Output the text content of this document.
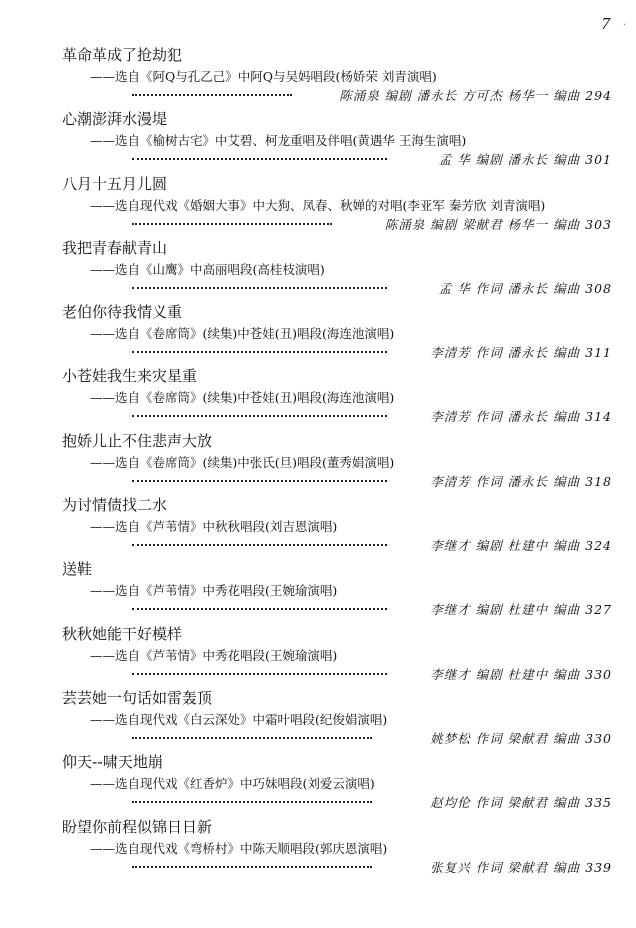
7 ·
革命革成了抢劫犯
——选自《阿Q与孔乙己》中阿Q与吴妈唱段(杨娇荣 刘青演唱)
陈涌泉 编剧 潘永长 方可杰 杨华一 编曲 294
心潮澎湃水漫堤
——选自《榆树古宅》中艾碧、柯龙重唱及伴唱(黄遇华 王海生演唱)
孟 华 编剧 潘永长 编曲 301
八月十五月儿圆
——选自现代戏《婚姻大事》中大狗、凤春、秋婵的对唱(李亚军 秦芳欣 刘青演唱)
陈涌泉 编剧 梁献君 杨华一 编曲 303
我把青春献青山
——选自《山鹰》中高丽唱段(高桂枝演唱)
孟 华 作词 潘永长 编曲 308
老伯你待我情义重
——选自《卷席筒》(续集)中苍娃(丑)唱段(海连池演唱)
李清芳 作词 潘永长 编曲 311
小苍娃我生来灾星重
——选自《卷席筒》(续集)中苍娃(丑)唱段(海连池演唱)
李清芳 作词 潘永长 编曲 314
抱娇儿止不住悲声大放
——选自《卷席筒》(续集)中张氏(旦)唱段(董秀娟演唱)
李清芳 作词 潘永长 编曲 318
为讨情债找二水
——选自《芦苇情》中秋秋唱段(刘吉恩演唱)
李继才 编剧 杜建中 编曲 324
送鞋
——选自《芦苇情》中秀花唱段(王婉瑜演唱)
李继才 编剧 杜建中 编曲 327
秋秋她能干好模样
——选自《芦苇情》中秀花唱段(王婉瑜演唱)
李继才 编剧 杜建中 编曲 330
芸芸她一句话如雷轰顶
——选自现代戏《白云深处》中霜叶唱段(纪俊娟演唱)
姚梦松 作词 梁献君 编曲 330
仰天--啸天地崩
——选自现代戏《红香炉》中巧妹唱段(刘爱云演唱)
赵均伦 作词 梁献君 编曲 335
盼望你前程似锦日日新
——选自现代戏《弯桥村》中陈天顺唱段(郭庆恩演唱)
张复兴 作词 梁献君 编曲 339
